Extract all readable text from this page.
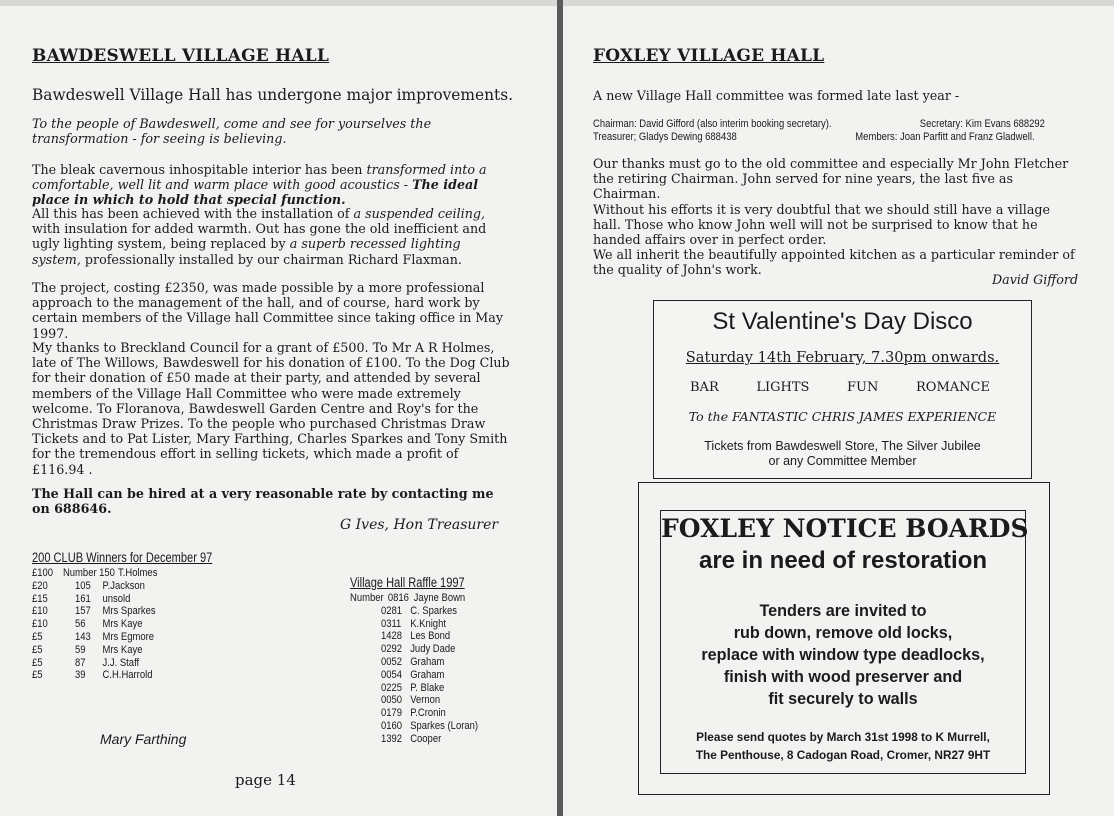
BAWDESWELL VILLAGE HALL
Bawdeswell Village Hall has undergone major improvements.

To the people of Bawdeswell, come and see for yourselves the transformation - for seeing is believing.

The bleak cavernous inhospitable interior has been transformed into a comfortable, well lit and warm place with good acoustics - The ideal place in which to hold that special function.

All this has been achieved with the installation of a suspended ceiling, with insulation for added warmth. Out has gone the old inefficient and ugly lighting system, being replaced by a superb recessed lighting system, professionally installed by our chairman Richard Flaxman.

The project, costing £2350, was made possible by a more professional approach to the management of the hall, and of course, hard work by certain members of the Village hall Committee since taking office in May 1997.

My thanks to Breckland Council for a grant of £500. To Mr A R Holmes, late of The Willows, Bawdeswell for his donation of £100. To the Dog Club for their donation of £50 made at their party, and attended by several members of the Village Hall Committee who were made extremely welcome. To Floranova, Bawdeswell Garden Centre and Roy's for the Christmas Draw Prizes. To the people who purchased Christmas Draw Tickets and to Pat Lister, Mary Farthing, Charles Sparkes and Tony Smith for the tremendous effort in selling tickets, which made a profit of £116.94 .

The Hall can be hired at a very reasonable rate by contacting me on 688646.

G Ives, Hon Treasurer
200 CLUB Winners for December 97
£100 Number 150 T.Holmes
£20	105	P.Jackson
£15	161	unsold
£10	157	Mrs Sparkes
£10	56	Mrs Kaye
£5	143	Mrs Egmore
£5	59	Mrs Kaye
£5	87	J.J. Staff
£5	39	C.H.Harrold
Village Hall Raffle 1997
Number 0816 Jayne Bown
0281 C. Sparkes
0311 K.Knight
1428 Les Bond
0292 Judy Dade
0052 Graham
0054 Graham
0225 P. Blake
0050 Vernon
0179 P.Cronin
0160 Sparkes (Loran)
1392 Cooper
Mary Farthing
page 14
FOXLEY VILLAGE HALL
A new Village Hall committee was formed late last year -
Chairman: David Gifford (also interim booking secretary).	Secretary: Kim Evans 688292
Treasurer; Gladys Dewing 688438	Members: Joan Parfitt and Franz Gladwell.

Our thanks must go to the old committee and especially Mr John Fletcher the retiring Chairman. John served for nine years, the last five as Chairman.

Without his efforts it is very doubtful that we should still have a village hall. Those who know John well will not be surprised to know that he handed affairs over in perfect order.

We all inherit the beautifully appointed kitchen as a particular reminder of the quality of John's work.

David Gifford
St Valentine's Day Disco
Saturday 14th February, 7.30pm onwards.
BAR	LIGHTS	FUN	ROMANCE
To the FANTASTIC CHRIS JAMES EXPERIENCE
Tickets from Bawdeswell Store, The Silver Jubilee
or any Committee Member
FOXLEY NOTICE BOARDS
are in need of restoration
Tenders are invited to
rub down, remove old locks,
replace with window type deadlocks,
finish with wood preserver and
fit securely to walls
Please send quotes by March 31st 1998 to K Murrell,
The Penthouse, 8 Cadogan Road, Cromer, NR27 9HT
